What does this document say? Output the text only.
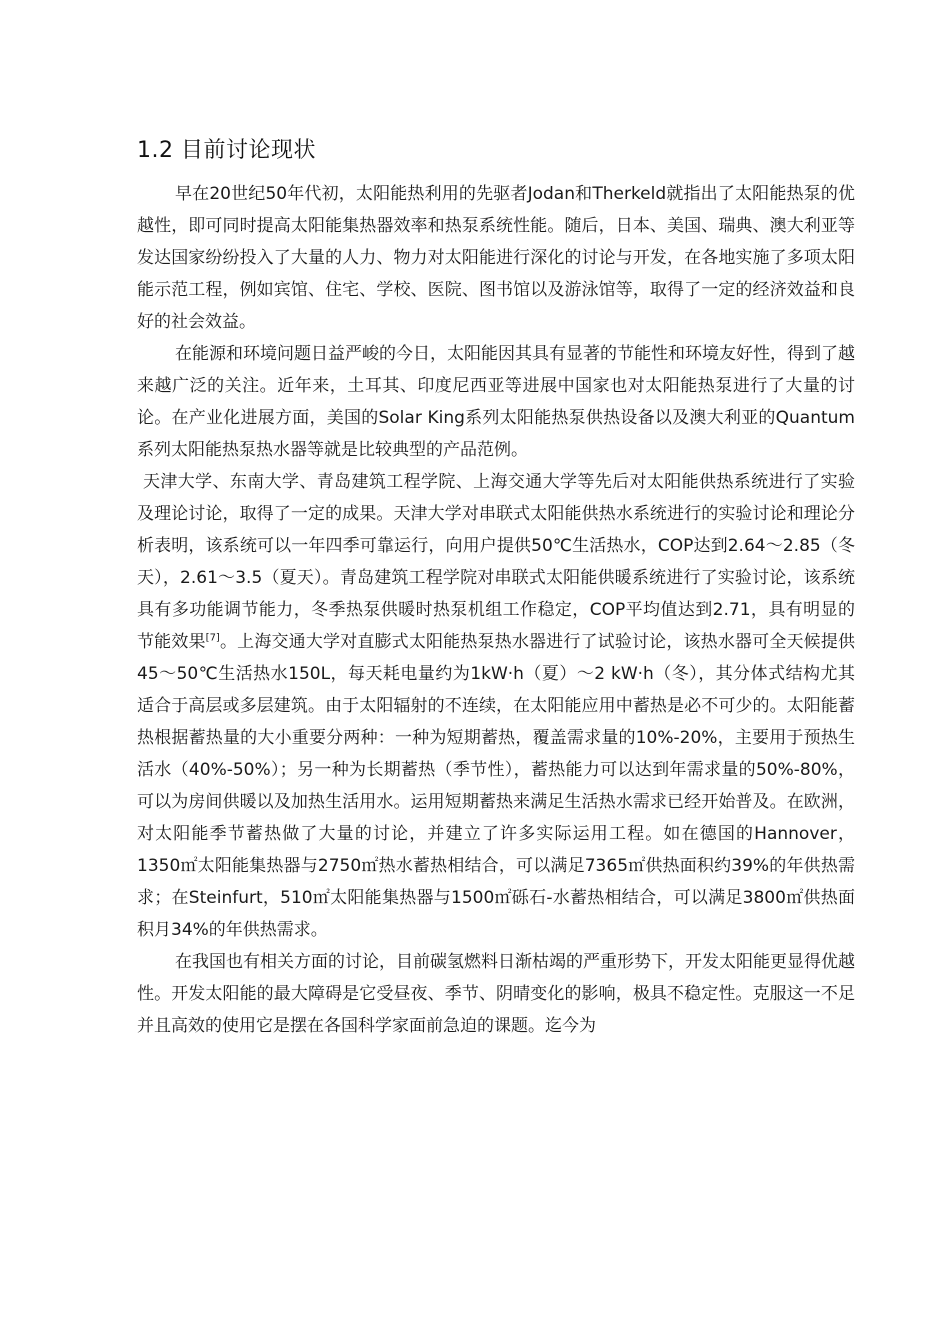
1.2 目前讨论现状

早在20世纪50年代初，太阳能热利用的先驱者Jodan和Therkeld就指出了太阳能热泵的优越性，即可同时提高太阳能集热器效率和热泵系统性能。随后，日本、美国、瑞典、澳大利亚等发达国家纷纷投入了大量的人力、物力对太阳能进行深化的讨论与开发，在各地实施了多项太阳能示范工程，例如宾馆、住宅、学校、医院、图书馆以及游泳馆等，取得了一定的经济效益和良好的社会效益。

在能源和环境问题日益严峻的今日，太阳能因其具有显著的节能性和环境友好性，得到了越来越广泛的关注。近年来，土耳其、印度尼西亚等进展中国家也对太阳能热泵进行了大量的讨论。在产业化进展方面，美国的Solar King系列太阳能热泵供热设备以及澳大利亚的Quantum系列太阳能热泵热水器等就是比较典型的产品范例。

天津大学、东南大学、青岛建筑工程学院、上海交通大学等先后对太阳能供热系统进行了实验及理论讨论，取得了一定的成果。天津大学对串联式太阳能供热水系统进行的实验讨论和理论分析表明，该系统可以一年四季可靠运行，向用户提供50℃生活热水，COP达到2.64～2.85（冬天），2.61～3.5（夏天）。青岛建筑工程学院对串联式太阳能供暖系统进行了实验讨论，该系统具有多功能调节能力，冬季热泵供暖时热泵机组工作稳定，COP平均值达到2.71，具有明显的节能效果[7]。上海交通大学对直膨式太阳能热泵热水器进行了试验讨论，该热水器可全天候提供45～50℃生活热水150L，每天耗电量约为1kW·h（夏）～2 kW·h（冬），其分体式结构尤其适合于高层或多层建筑。由于太阳辐射的不连续，在太阳能应用中蓄热是必不可少的。太阳能蓄热根据蓄热量的大小重要分两种：一种为短期蓄热，覆盖需求量的10%-20%，主要用于预热生活水（40%-50%）；另一种为长期蓄热（季节性），蓄热能力可以达到年需求量的50%-80%，可以为房间供暖以及加热生活用水。运用短期蓄热来满足生活热水需求已经开始普及。在欧洲，对太阳能季节蓄热做了大量的讨论，并建立了许多实际运用工程。如在德国的Hannover，1350㎡太阳能集热器与2750㎡热水蓄热相结合，可以满足7365㎡供热面积约39%的年供热需求；在Steinfurt，510㎡太阳能集热器与1500㎡砾石-水蓄热相结合，可以满足3800㎡供热面积月34%的年供热需求。

在我国也有相关方面的讨论，目前碳氢燃料日渐枯竭的严重形势下，开发太阳能更显得优越性。开发太阳能的最大障碍是它受昼夜、季节、阴晴变化的影响，极具不稳定性。克服这一不足并且高效的使用它是摆在各国科学家面前急迫的课题。迄今为
